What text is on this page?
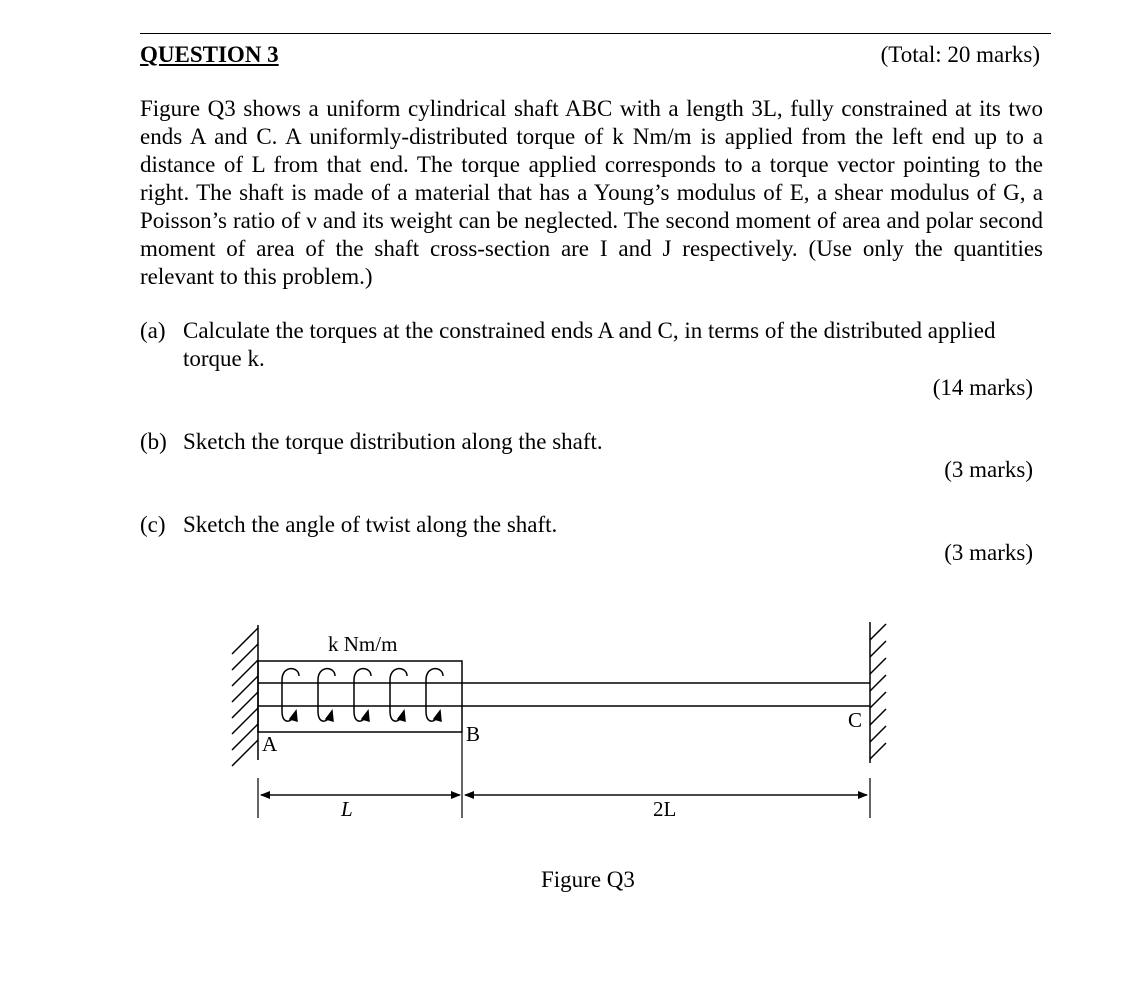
QUESTION 3	(Total: 20 marks)

Figure Q3 shows a uniform cylindrical shaft ABC with a length 3L, fully constrained at its two ends A and C. A uniformly-distributed torque of k Nm/m is applied from the left end up to a distance of L from that end. The torque applied corresponds to a torque vector pointing to the right. The shaft is made of a material that has a Young’s modulus of E, a shear modulus of G, a Poisson’s ratio of ν and its weight can be neglected. The second moment of area and polar second moment of area of the shaft cross-section are I and J respectively. (Use only the quantities relevant to this problem.)

(a) Calculate the torques at the constrained ends A and C, in terms of the distributed applied
torque k.
(14 marks)
(b) Sketch the torque distribution along the shaft.
(3 marks)
(c) Sketch the angle of twist along the shaft.
(3 marks)
k Nm/m
A	B
C
L	2L
Figure Q3
